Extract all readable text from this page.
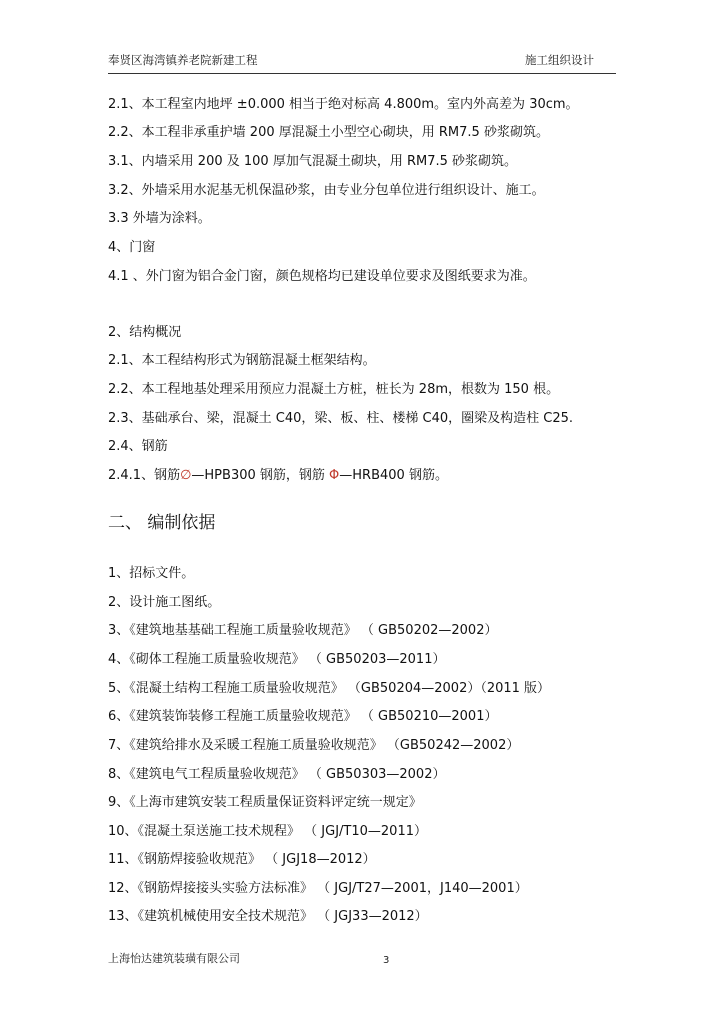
奉贤区海湾镇养老院新建工程	施工组织设计
2.1、本工程室内地坪 ±0.000 相当于绝对标高 4.800m。室内外高差为 30cm。
2.2、本工程非承重护墙 200 厚混凝土小型空心砌块，用 RM7.5 砂浆砌筑。
3.1、内墙采用 200 及 100 厚加气混凝土砌块，用 RM7.5 砂浆砌筑。
3.2、外墙采用水泥基无机保温砂浆，由专业分包单位进行组织设计、施工。
3.3 外墙为涂料。
4、门窗
4.1 、外门窗为铝合金门窗，颜色规格均已建设单位要求及图纸要求为准。
2、结构概况
2.1、本工程结构形式为钢筋混凝土框架结构。
2.2、本工程地基处理采用预应力混凝土方桩，桩长为 28m，根数为 150 根。
2.3、基础承台、梁，混凝土 C40，梁、板、柱、楼梯 C40，圈梁及构造柱 C25.
2.4、钢筋
2.4.1、钢筋∅—HPB300 钢筋，钢筋 Φ—HRB400 钢筋。
二、 编制依据
1、招标文件。
2、设计施工图纸。
3、《建筑地基基础工程施工质量验收规范》 （ GB50202—2002）
4、《砌体工程施工质量验收规范》 （ GB50203—2011）
5、《混凝土结构工程施工质量验收规范》 （GB50204—2002）（2011 版）
6、《建筑装饰装修工程施工质量验收规范》 （ GB50210—2001）
7、《建筑给排水及采暖工程施工质量验收规范》 （GB50242—2002）
8、《建筑电气工程质量验收规范》 （ GB50303—2002）
9、《上海市建筑安装工程质量保证资料评定统一规定》
10、《混凝土泵送施工技术规程》 （ JGJ/T10—2011）
11、《钢筋焊接验收规范》 （ JGJ18—2012）
12、《钢筋焊接接头实验方法标准》 （ JGJ/T27—2001，J140—2001）
13、《建筑机械使用安全技术规范》 （ JGJ33—2012）
上海怡达建筑装璜有限公司	3
